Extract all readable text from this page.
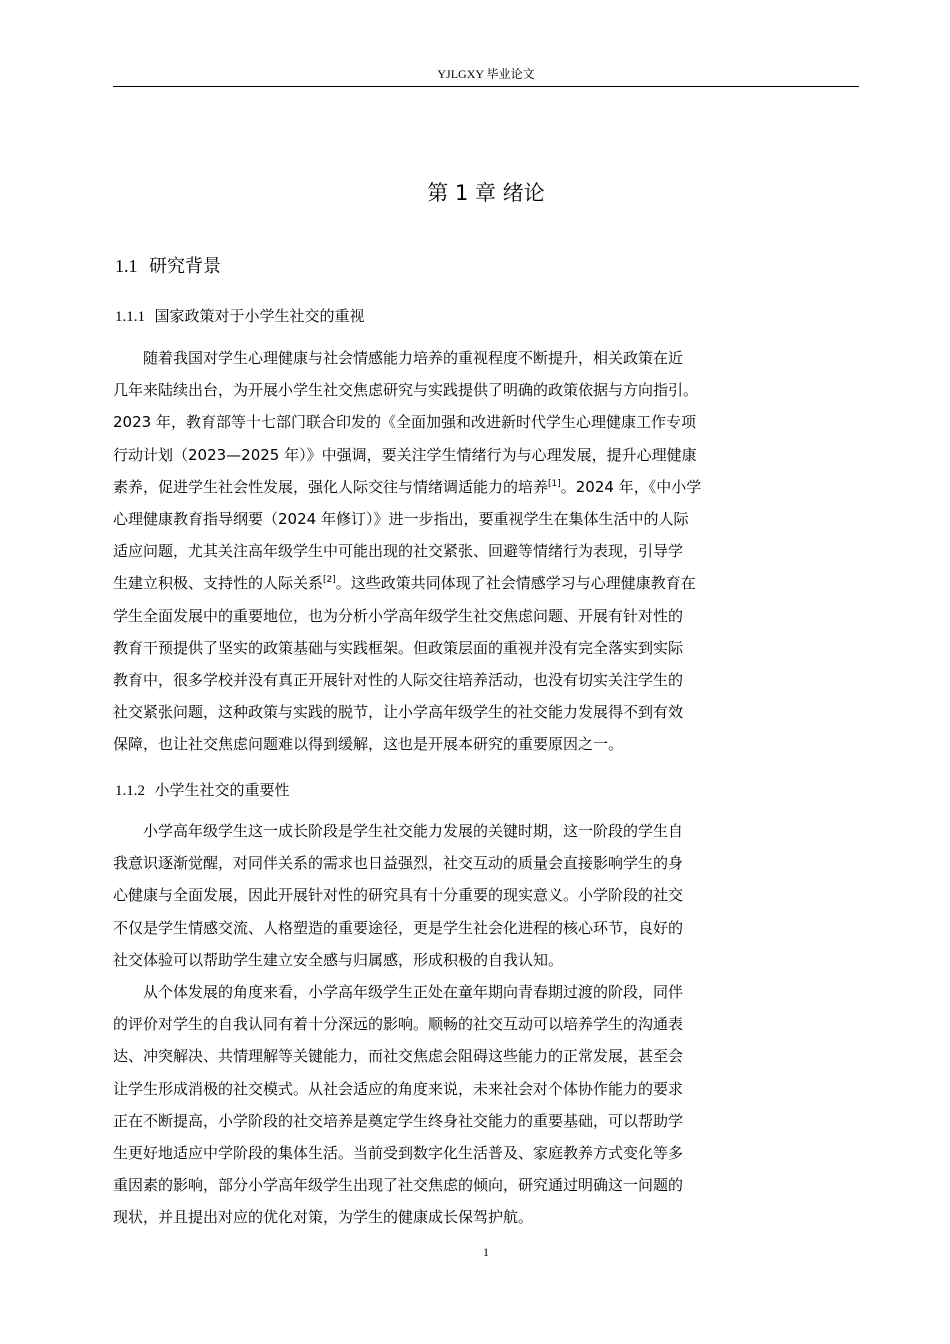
YJLGXY 毕业论文
第 1 章 绪论
1.1 研究背景
1.1.1 国家政策对于小学生社交的重视
随着我国对学生心理健康与社会情感能力培养的重视程度不断提升，相关政策在近
几年来陆续出台，为开展小学生社交焦虑研究与实践提供了明确的政策依据与方向指引。
2023 年，教育部等十七部门联合印发的《全面加强和改进新时代学生心理健康工作专项
行动计划（2023—2025 年）》中强调，要关注学生情绪行为与心理发展，提升心理健康
素养，促进学生社会性发展，强化人际交往与情绪调适能力的培养[1]。2024 年，《中小学
心理健康教育指导纲要（2024 年修订）》进一步指出，要重视学生在集体生活中的人际
适应问题，尤其关注高年级学生中可能出现的社交紧张、回避等情绪行为表现，引导学
生建立积极、支持性的人际关系[2]。这些政策共同体现了社会情感学习与心理健康教育在
学生全面发展中的重要地位，也为分析小学高年级学生社交焦虑问题、开展有针对性的
教育干预提供了坚实的政策基础与实践框架。但政策层面的重视并没有完全落实到实际
教育中，很多学校并没有真正开展针对性的人际交往培养活动，也没有切实关注学生的
社交紧张问题，这种政策与实践的脱节，让小学高年级学生的社交能力发展得不到有效
保障，也让社交焦虑问题难以得到缓解，这也是开展本研究的重要原因之一。
1.1.2 小学生社交的重要性
小学高年级学生这一成长阶段是学生社交能力发展的关键时期，这一阶段的学生自
我意识逐渐觉醒，对同伴关系的需求也日益强烈，社交互动的质量会直接影响学生的身
心健康与全面发展，因此开展针对性的研究具有十分重要的现实意义。小学阶段的社交
不仅是学生情感交流、人格塑造的重要途径，更是学生社会化进程的核心环节，良好的
社交体验可以帮助学生建立安全感与归属感，形成积极的自我认知。
从个体发展的角度来看，小学高年级学生正处在童年期向青春期过渡的阶段，同伴
的评价对学生的自我认同有着十分深远的影响。顺畅的社交互动可以培养学生的沟通表
达、冲突解决、共情理解等关键能力，而社交焦虑会阻碍这些能力的正常发展，甚至会
让学生形成消极的社交模式。从社会适应的角度来说，未来社会对个体协作能力的要求
正在不断提高，小学阶段的社交培养是奠定学生终身社交能力的重要基础，可以帮助学
生更好地适应中学阶段的集体生活。当前受到数字化生活普及、家庭教养方式变化等多
重因素的影响，部分小学高年级学生出现了社交焦虑的倾向，研究通过明确这一问题的
现状，并且提出对应的优化对策，为学生的健康成长保驾护航。
1
